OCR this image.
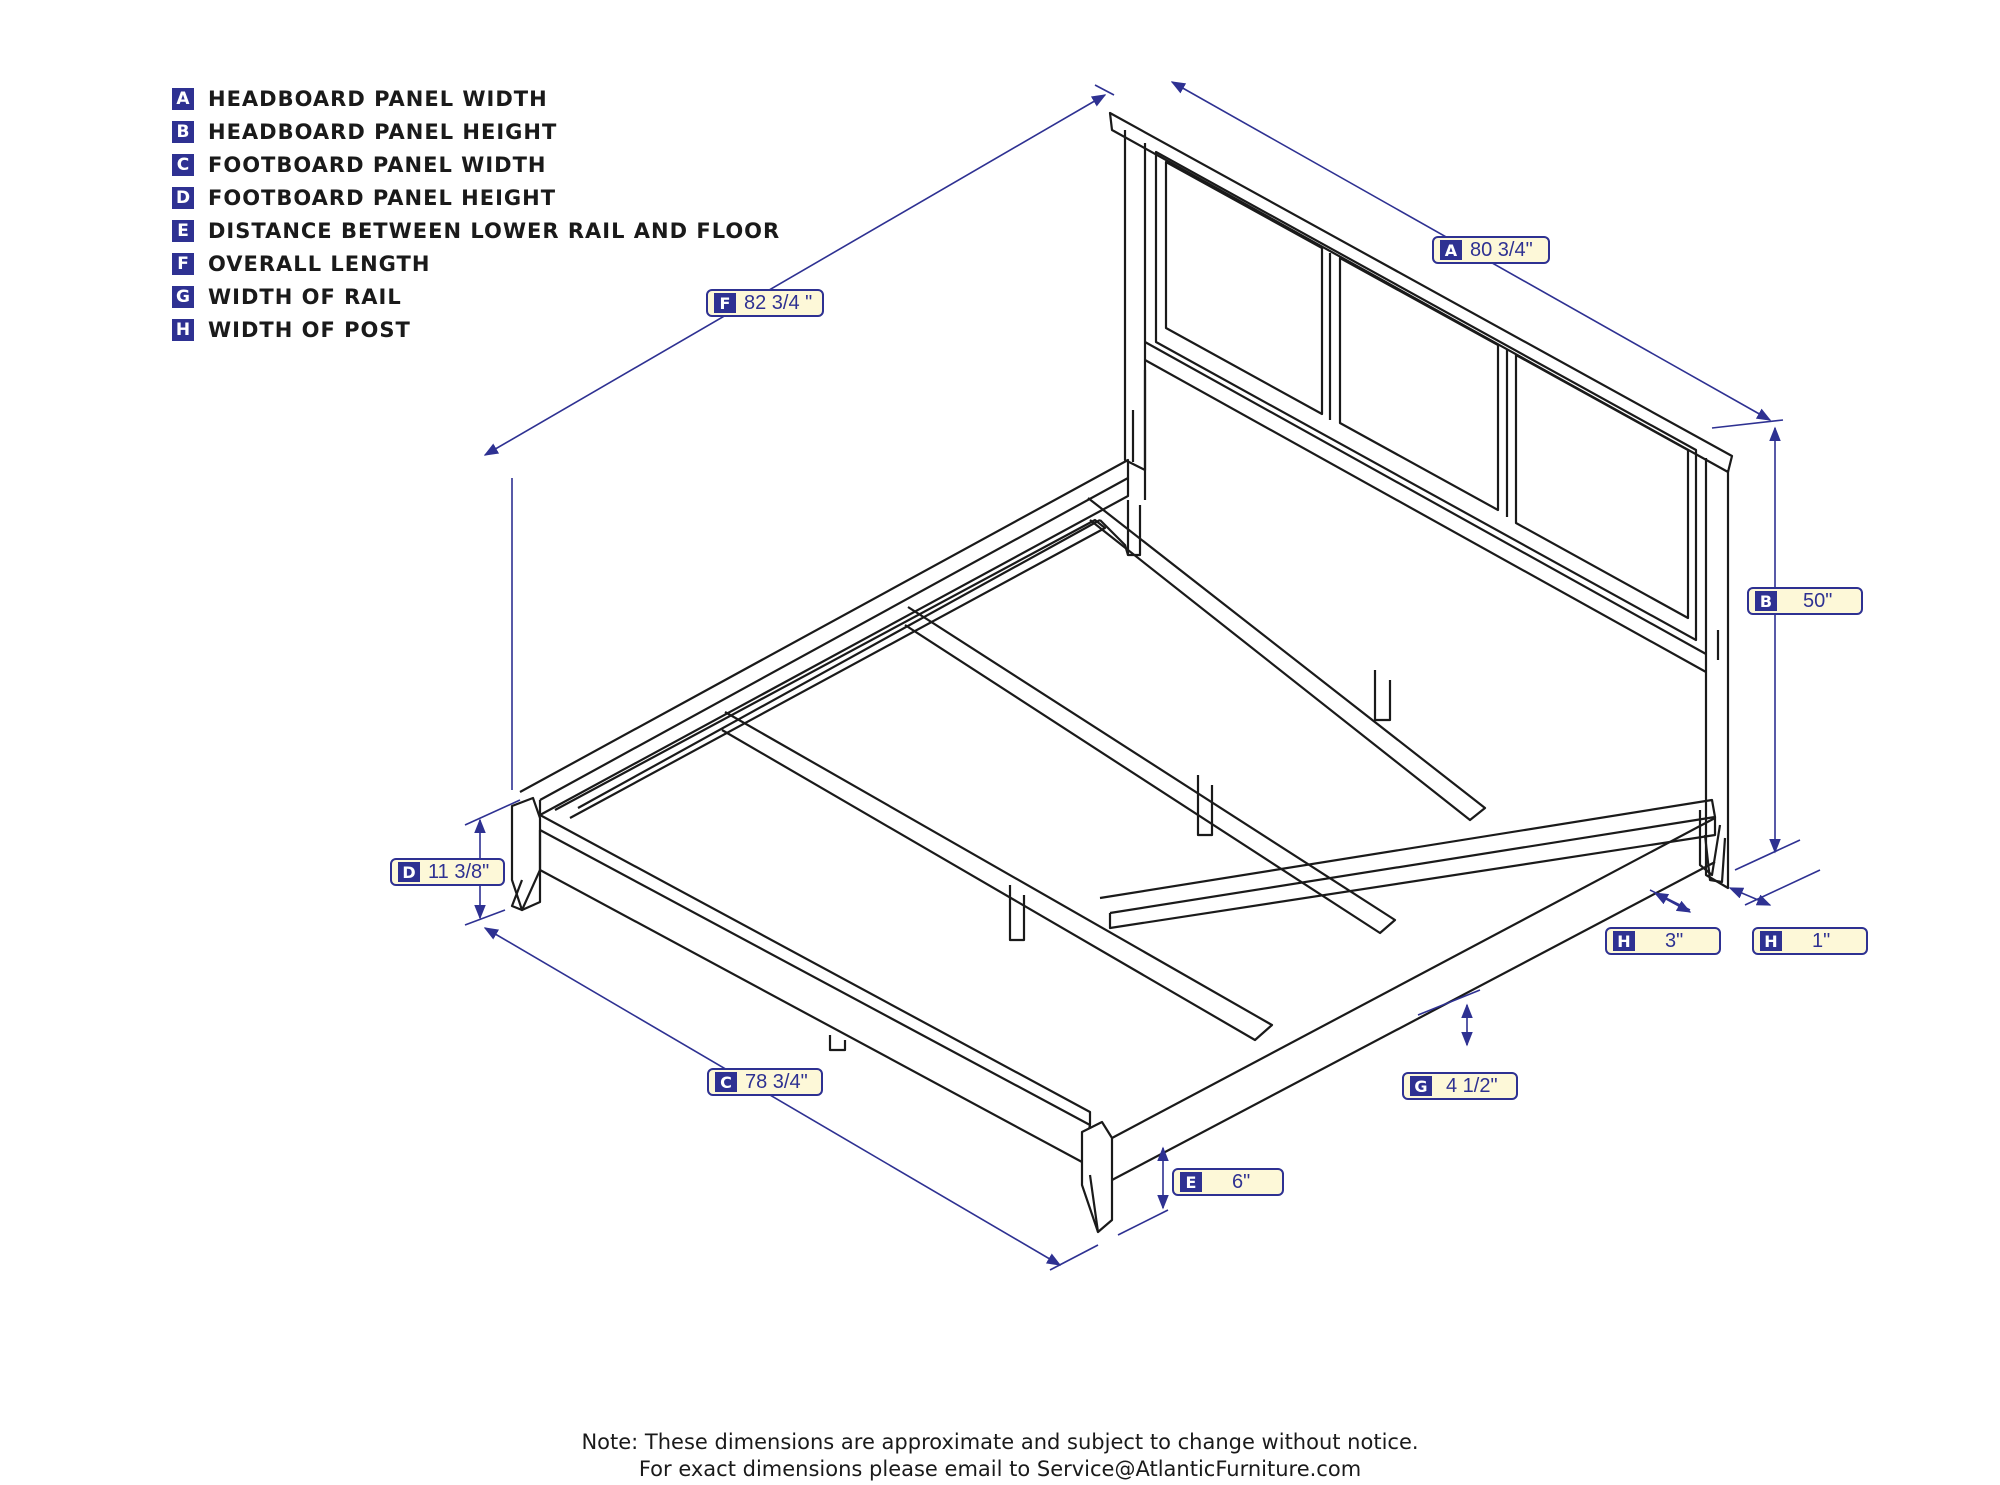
A HEADBOARD PANEL WIDTH
B HEADBOARD PANEL HEIGHT
C FOOTBOARD PANEL WIDTH
D FOOTBOARD PANEL HEIGHT
E DISTANCE BETWEEN LOWER RAIL AND FLOOR
F OVERALL LENGTH
G WIDTH OF RAIL
H WIDTH OF POST
A 80 3/4"
B	50"
F 82 3/4 "
D 11 3/8"
C 78 3/4"
E	6"
G 4 1/2"
H	3"	H	1"
Note: These dimensions are approximate and subject to change without notice.
For exact dimensions please email to Service@AtlanticFurniture.com
